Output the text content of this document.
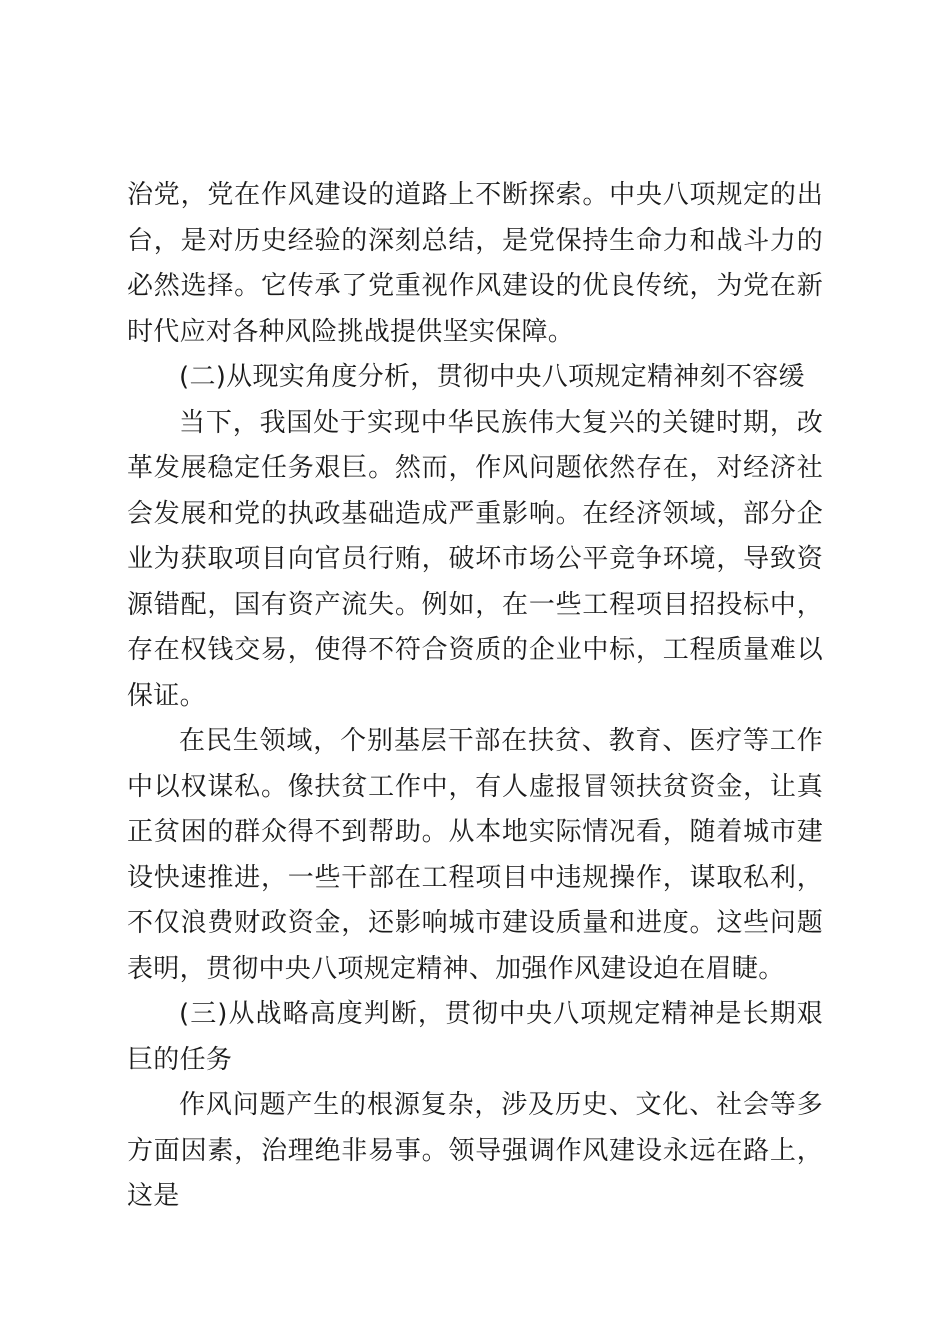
治党，党在作风建设的道路上不断探索。中央八项规定的出台，是对历史经验的深刻总结，是党保持生命力和战斗力的必然选择。它传承了党重视作风建设的优良传统，为党在新时代应对各种风险挑战提供坚实保障。

(二)从现实角度分析，贯彻中央八项规定精神刻不容缓

当下，我国处于实现中华民族伟大复兴的关键时期，改革发展稳定任务艰巨。然而，作风问题依然存在，对经济社会发展和党的执政基础造成严重影响。在经济领域，部分企业为获取项目向官员行贿，破坏市场公平竞争环境，导致资源错配，国有资产流失。例如，在一些工程项目招投标中，存在权钱交易，使得不符合资质的企业中标，工程质量难以保证。

在民生领域，个别基层干部在扶贫、教育、医疗等工作中以权谋私。像扶贫工作中，有人虚报冒领扶贫资金，让真正贫困的群众得不到帮助。从本地实际情况看，随着城市建设快速推进，一些干部在工程项目中违规操作，谋取私利，不仅浪费财政资金，还影响城市建设质量和进度。这些问题表明，贯彻中央八项规定精神、加强作风建设迫在眉睫。

(三)从战略高度判断，贯彻中央八项规定精神是长期艰巨的任务

作风问题产生的根源复杂，涉及历史、文化、社会等多方面因素，治理绝非易事。领导强调作风建设永远在路上，这是
